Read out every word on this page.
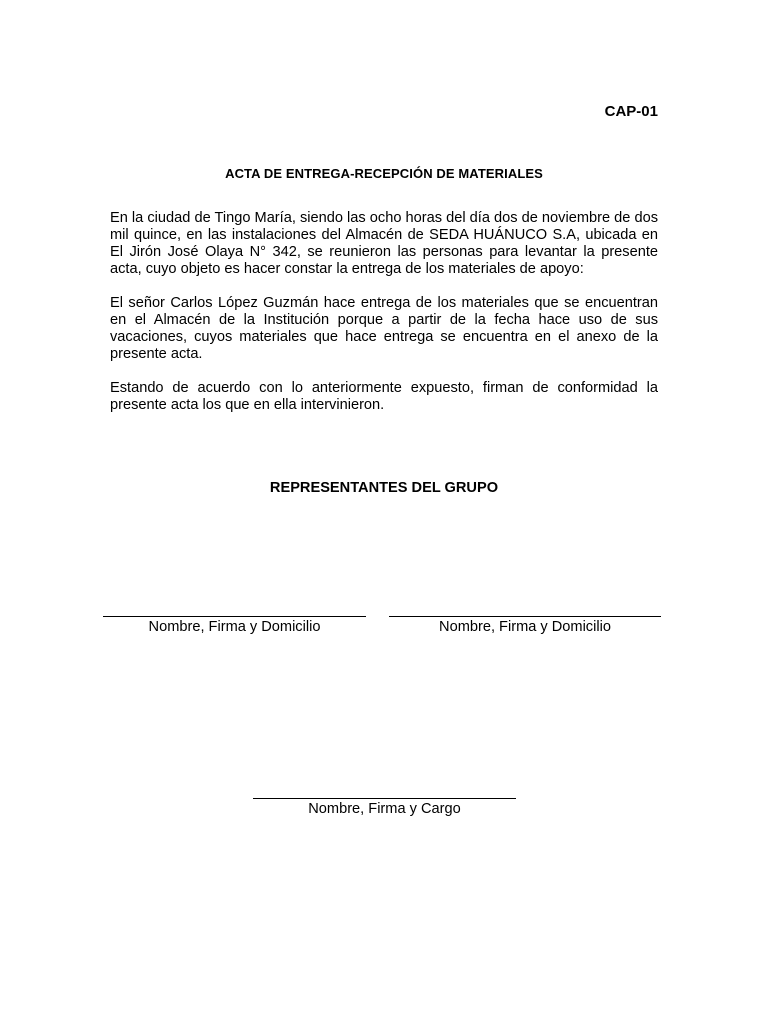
CAP-01
ACTA DE ENTREGA-RECEPCIÓN DE MATERIALES

En la ciudad de Tingo María, siendo las ocho horas del día dos de noviembre de dos mil quince, en las instalaciones del Almacén de SEDA HUÁNUCO S.A, ubicada en El Jirón José Olaya N° 342, se reunieron las personas para levantar la presente acta, cuyo objeto es hacer constar la entrega de los materiales de apoyo:

El señor Carlos López Guzmán hace entrega de los materiales que se encuentran en el Almacén de la Institución porque a partir de la fecha hace uso de sus vacaciones, cuyos materiales que hace entrega se encuentra en el anexo de la presente acta.

Estando de acuerdo con lo anteriormente expuesto, firman de conformidad la presente acta los que en ella intervinieron.

REPRESENTANTES DEL GRUPO
Nombre, Firma y Domicilio	Nombre, Firma y Domicilio
Nombre, Firma y Cargo
